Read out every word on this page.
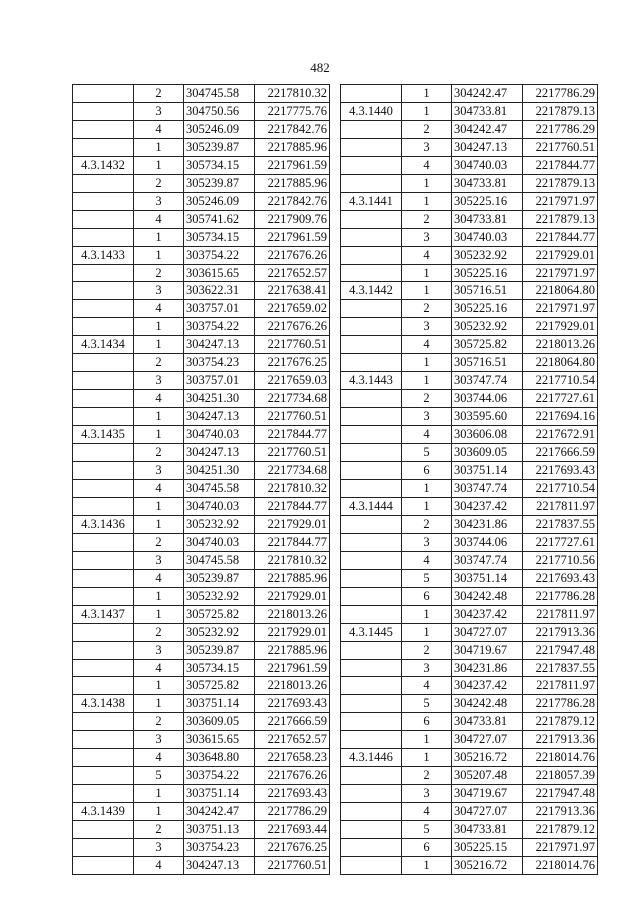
482
	2	304745.58	2217810.32
	3	304750.56	2217775.76
	4	305246.09	2217842.76
	1	305239.87	2217885.96
4.3.1432	1	305734.15	2217961.59
	2	305239.87	2217885.96
	3	305246.09	2217842.76
	4	305741.62	2217909.76
	1	305734.15	2217961.59
4.3.1433	1	303754.22	2217676.26
	2	303615.65	2217652.57
	3	303622.31	2217638.41
	4	303757.01	2217659.02
	1	303754.22	2217676.26
4.3.1434	1	304247.13	2217760.51
	2	303754.23	2217676.25
	3	303757.01	2217659.03
	4	304251.30	2217734.68
	1	304247.13	2217760.51
4.3.1435	1	304740.03	2217844.77
	2	304247.13	2217760.51
	3	304251.30	2217734.68
	4	304745.58	2217810.32
	1	304740.03	2217844.77
4.3.1436	1	305232.92	2217929.01
	2	304740.03	2217844.77
	3	304745.58	2217810.32
	4	305239.87	2217885.96
	1	305232.92	2217929.01
4.3.1437	1	305725.82	2218013.26
	2	305232.92	2217929.01
	3	305239.87	2217885.96
	4	305734.15	2217961.59
	1	305725.82	2218013.26
4.3.1438	1	303751.14	2217693.43
	2	303609.05	2217666.59
	3	303615.65	2217652.57
	4	303648.80	2217658.23
	5	303754.22	2217676.26
	1	303751.14	2217693.43
4.3.1439	1	304242.47	2217786.29
	2	303751.13	2217693.44
	3	303754.23	2217676.25
	4	304247.13	2217760.51
	1	304242.47	2217786.29
4.3.1440	1	304733.81	2217879.13
	2	304242.47	2217786.29
	3	304247.13	2217760.51
	4	304740.03	2217844.77
	1	304733.81	2217879.13
4.3.1441	1	305225.16	2217971.97
	2	304733.81	2217879.13
	3	304740.03	2217844.77
	4	305232.92	2217929.01
	1	305225.16	2217971.97
4.3.1442	1	305716.51	2218064.80
	2	305225.16	2217971.97
	3	305232.92	2217929.01
	4	305725.82	2218013.26
	1	305716.51	2218064.80
4.3.1443	1	303747.74	2217710.54
	2	303744.06	2217727.61
	3	303595.60	2217694.16
	4	303606.08	2217672.91
	5	303609.05	2217666.59
	6	303751.14	2217693.43
	1	303747.74	2217710.54
4.3.1444	1	304237.42	2217811.97
	2	304231.86	2217837.55
	3	303744.06	2217727.61
	4	303747.74	2217710.56
	5	303751.14	2217693.43
	6	304242.48	2217786.28
	1	304237.42	2217811.97
4.3.1445	1	304727.07	2217913.36
	2	304719.67	2217947.48
	3	304231.86	2217837.55
	4	304237.42	2217811.97
	5	304242.48	2217786.28
	6	304733.81	2217879.12
	1	304727.07	2217913.36
4.3.1446	1	305216.72	2218014.76
	2	305207.48	2218057.39
	3	304719.67	2217947.48
	4	304727.07	2217913.36
	5	304733.81	2217879.12
	6	305225.15	2217971.97
	1	305216.72	2218014.76
